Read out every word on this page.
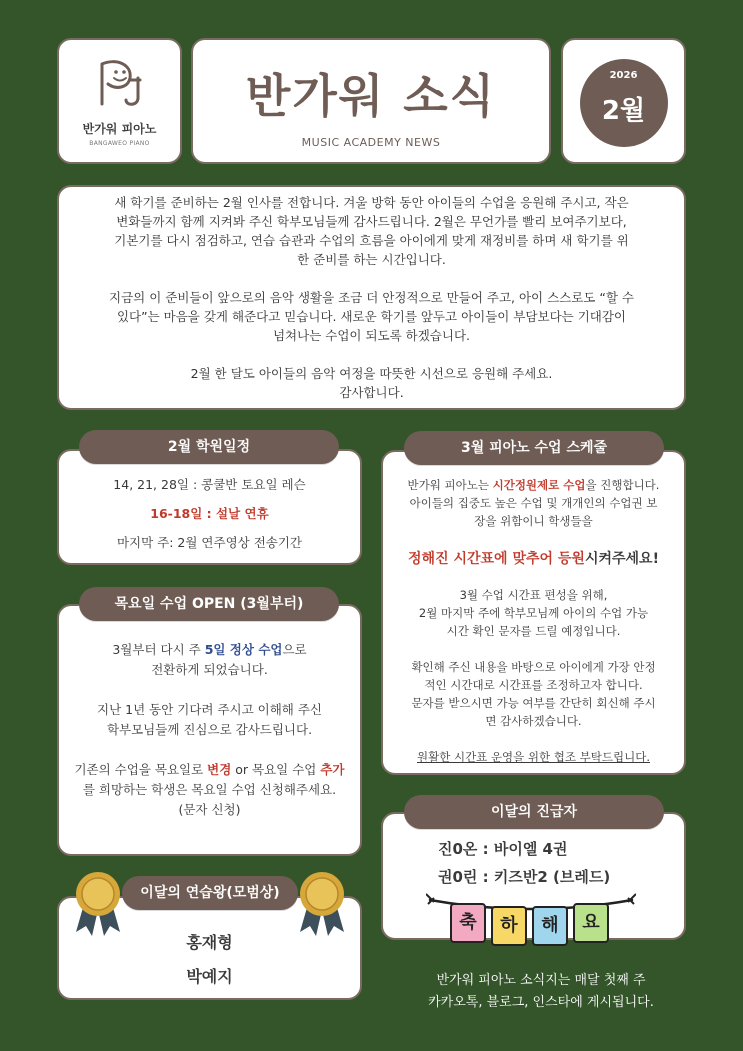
반가워 피아노
BANGAWEO PIANO
반가워 소식
MUSIC ACADEMY NEWS
2026
2월

새 학기를 준비하는 2월 인사를 전합니다. 겨울 방학 동안 아이들의 수업을 응원해 주시고, 작은 변화들까지 함께 지켜봐 주신 학부모님들께 감사드립니다. 2월은 무언가를 빨리 보여주기보다, 기본기를 다시 점검하고, 연습 습관과 수업의 흐름을 아이에게 맞게 재정비를 하며 새 학기를 위한 준비를 하는 시간입니다.

지금의 이 준비들이 앞으로의 음악 생활을 조금 더 안정적으로 만들어 주고, 아이 스스로도 “할 수 있다”는 마음을 갖게 해준다고 믿습니다. 새로운 학기를 앞두고 아이들이 부담보다는 기대감이 넘쳐나는 수업이 되도록 하겠습니다.

2월 한 달도 아이들의 음악 여정을 따뜻한 시선으로 응원해 주세요.

감사합니다.

14, 21, 28일 : 콩쿨반 토요일 레슨

16-18일 : 설날 연휴

마지막 주: 2월 연주영상 전송기간

2월 학원일정

3월부터 다시 주 5일 정상 수업으로

전환하게 되었습니다.

지난 1년 동안 기다려 주시고 이해해 주신

학부모님들께 진심으로 감사드립니다.

기존의 수업을 목요일로 변경 or 목요일 수업 추가

를 희망하는 학생은 목요일 수업 신청해주세요.

(문자 신청)

목요일 수업 OPEN (3월부터)

홍재형

박예지

이달의 연습왕(모범상)

반가워 피아노는 시간정원제로 수업을 진행합니다.

아이들의 집중도 높은 수업 및 개개인의 수업권 보

장을 위함이니 학생들을

정해진 시간표에 맞추어 등원시켜주세요!

3월 수업 시간표 편성을 위해,

2월 마지막 주에 학부모님께 아이의 수업 가능

시간 확인 문자를 드릴 예정입니다.

확인해 주신 내용을 바탕으로 아이에게 가장 안정

적인 시간대로 시간표를 조정하고자 합니다.

문자를 받으시면 가능 여부를 간단히 회신해 주시

면 감사하겠습니다.

원활한 시간표 운영을 위한 협조 부탁드립니다.

3월 피아노 수업 스케줄

진0온 : 바이엘 4권

권0린 : 키즈반2 (브레드)

이달의 진급자
축	하	해	요

반가워 피아노 소식지는 매달 첫째 주

카카오톡, 블로그, 인스타에 게시됩니다.
